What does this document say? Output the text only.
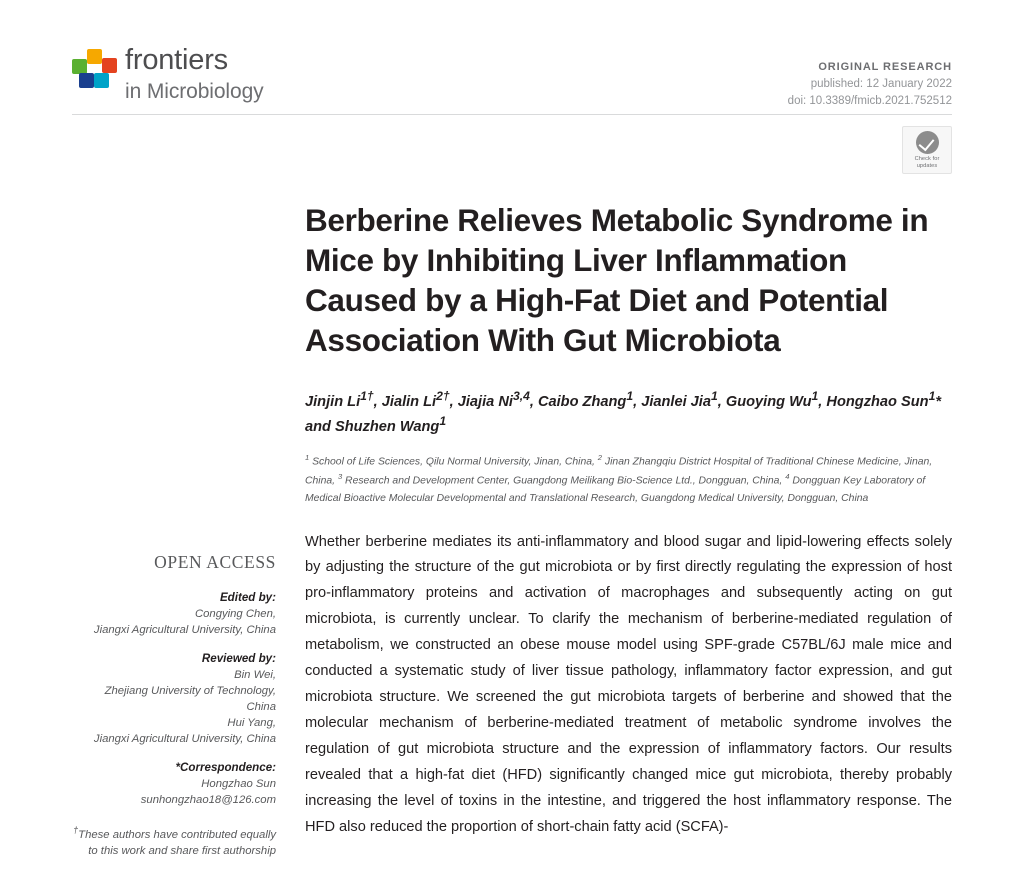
frontiers
in Microbiology
ORIGINAL RESEARCH
published: 12 January 2022
doi: 10.3389/fmicb.2021.752512
Check for
updates
Berberine Relieves Metabolic Syndrome in Mice by Inhibiting Liver Inflammation Caused by a High-Fat Diet and Potential Association With Gut Microbiota
Jinjin $Li^{1\dagger}$, Jialin $Li^{2\dagger}$, Jiajia Ni$^{3,4}$, Caibo Zhang$^1$, Jianlei Jia$^1$, Guoying Wu$^1$, Hongzhao Sun$^1$* and Shuzhen Wang$^1$
$^1$ School of Life Sciences, Qilu Normal University, Jinan, China, $^2$ Jinan Zhangqiu District Hospital of Traditional Chinese Medicine, Jinan, China, $^3$ Research and Development Center, Guangdong Meilikang Bio-Science Ltd., Dongguan, China, $^4$ Dongguan Key Laboratory of Medical Bioactive Molecular Developmental and Translational Research, Guangdong Medical University, Dongguan, China
Whether berberine mediates its anti-inflammatory and blood sugar and lipid-lowering effects solely by adjusting the structure of the gut microbiota or by first directly regulating the expression of host pro-inflammatory proteins and activation of macrophages and subsequently acting on gut microbiota, is currently unclear. To clarify the mechanism of berberine-mediated regulation of metabolism, we constructed an obese mouse model using SPF-grade C57BL/6J male mice and conducted a systematic study of liver tissue pathology, inflammatory factor expression, and gut microbiota structure. We screened the gut microbiota targets of berberine and showed that the molecular mechanism of berberine-mediated treatment of metabolic syndrome involves the regulation of gut microbiota structure and the expression of inflammatory factors. Our results revealed that a high-fat diet (HFD) significantly changed mice gut microbiota, thereby probably increasing the level of toxins in the intestine, and triggered the host inflammatory response. The HFD also reduced the proportion of short-chain fatty acid (SCFA)-
OPEN ACCESS
Edited by:
Congying Chen,
Jiangxi Agricultural University, China
Reviewed by:
Bin Wei,
Zhejiang University of Technology,
China
Hui Yang,
Jiangxi Agricultural University, China
*Correspondence:
Hongzhao Sun
sunhongzhao18@126.com
†These authors have contributed equally to this work and share first authorship
